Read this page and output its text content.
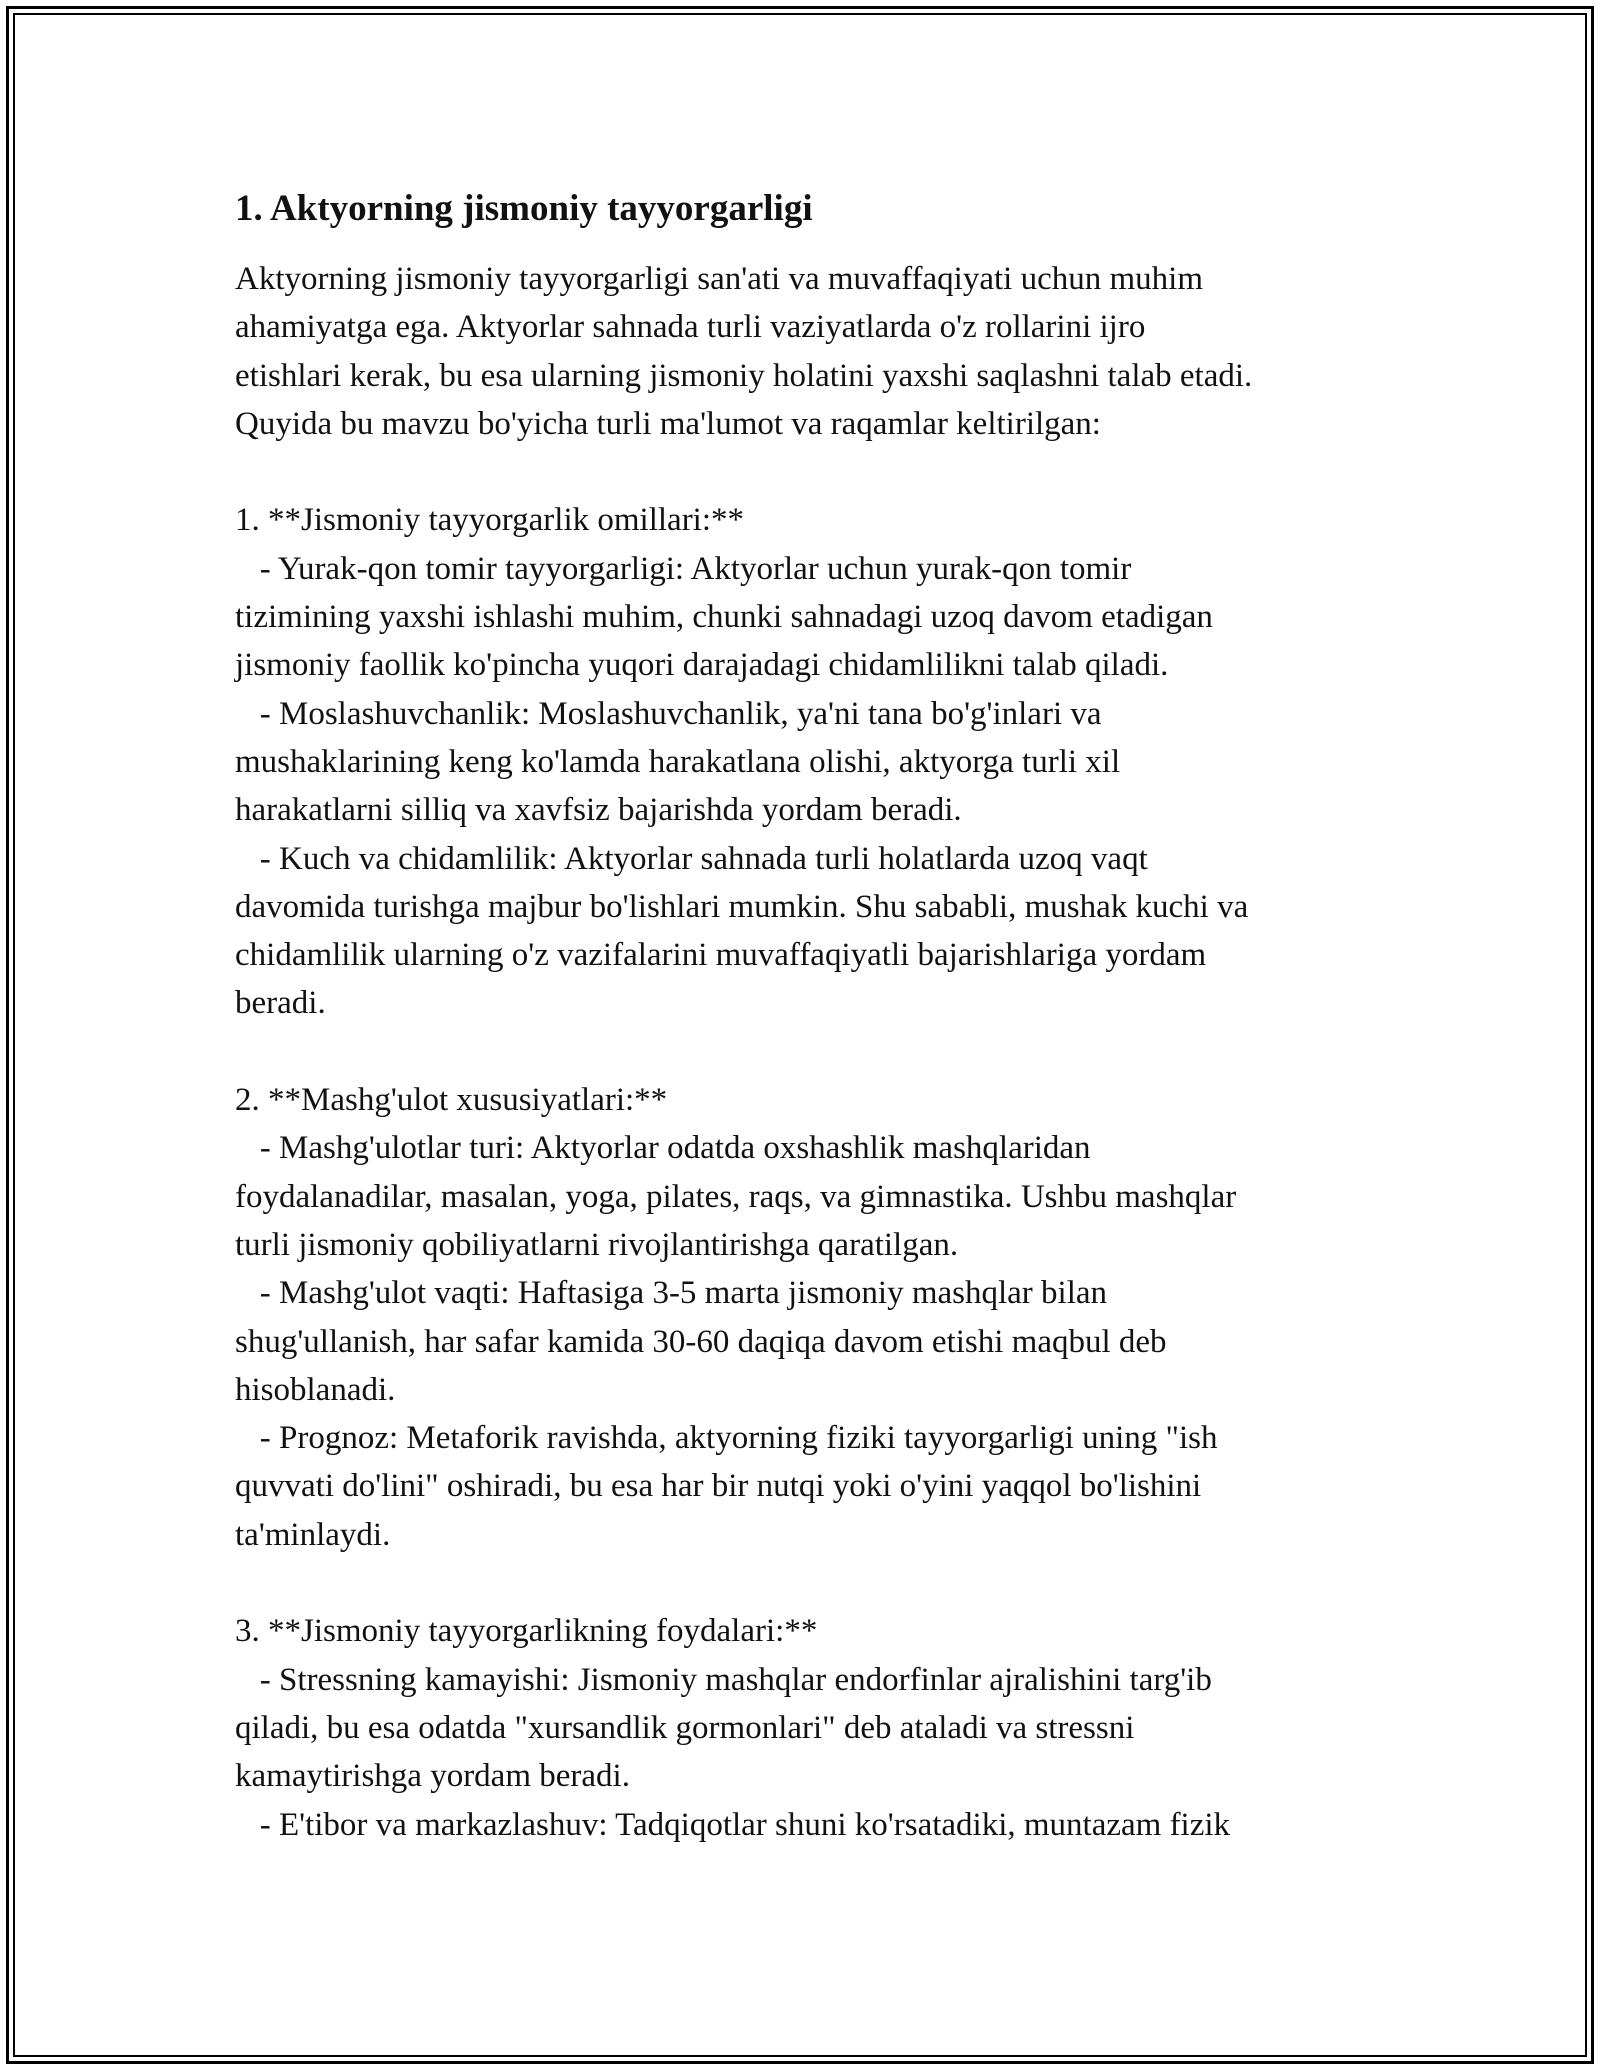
1. Aktyorning jismoniy tayyorgarligi

Aktyorning jismoniy tayyorgarligi san'ati va muvaffaqiyati uchun muhim
ahamiyatga ega. Aktyorlar sahnada turli vaziyatlarda o'z rollarini ijro
etishlari kerak, bu esa ularning jismoniy holatini yaxshi saqlashni talab etadi.
Quyida bu mavzu bo'yicha turli ma'lumot va raqamlar keltirilgan:

1. **Jismoniy tayyorgarlik omillari:**
- Yurak-qon tomir tayyorgarligi: Aktyorlar uchun yurak-qon tomir
tizimining yaxshi ishlashi muhim, chunki sahnadagi uzoq davom etadigan
jismoniy faollik ko'pincha yuqori darajadagi chidamlilikni talab qiladi.
- Moslashuvchanlik: Moslashuvchanlik, ya'ni tana bo'g'inlari va
mushaklarining keng ko'lamda harakatlana olishi, aktyorga turli xil
harakatlarni silliq va xavfsiz bajarishda yordam beradi.
- Kuch va chidamlilik: Aktyorlar sahnada turli holatlarda uzoq vaqt
davomida turishga majbur bo'lishlari mumkin. Shu sababli, mushak kuchi va
chidamlilik ularning o'z vazifalarini muvaffaqiyatli bajarishlariga yordam
beradi.

2. **Mashg'ulot xususiyatlari:**
- Mashg'ulotlar turi: Aktyorlar odatda oxshashlik mashqlaridan
foydalanadilar, masalan, yoga, pilates, raqs, va gimnastika. Ushbu mashqlar
turli jismoniy qobiliyatlarni rivojlantirishga qaratilgan.
- Mashg'ulot vaqti: Haftasiga 3-5 marta jismoniy mashqlar bilan
shug'ullanish, har safar kamida 30-60 daqiqa davom etishi maqbul deb
hisoblanadi.
- Prognoz: Metaforik ravishda, aktyorning fiziki tayyorgarligi uning "ish
quvvati do'lini" oshiradi, bu esa har bir nutqi yoki o'yini yaqqol bo'lishini
ta'minlaydi.

3. **Jismoniy tayyorgarlikning foydalari:**
- Stressning kamayishi: Jismoniy mashqlar endorfinlar ajralishini targ'ib
qiladi, bu esa odatda "xursandlik gormonlari" deb ataladi va stressni
kamaytirishga yordam beradi.
- E'tibor va markazlashuv: Tadqiqotlar shuni ko'rsatadiki, muntazam fizik
